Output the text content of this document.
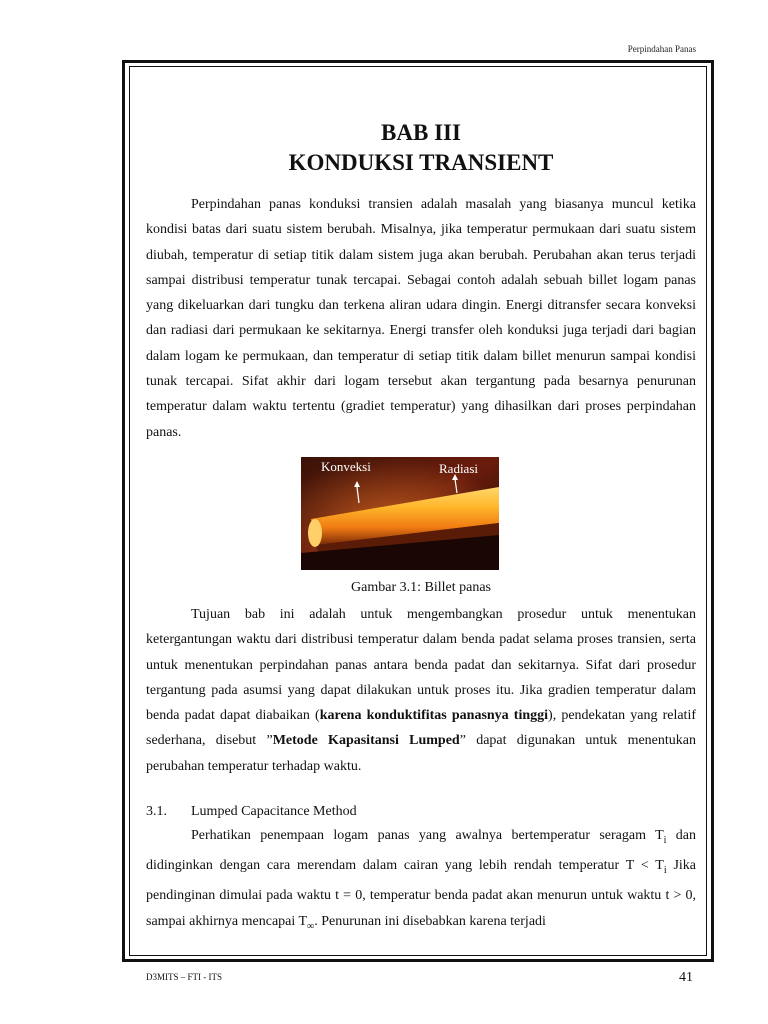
Perpindahan Panas
BAB III
KONDUKSI TRANSIENT

Perpindahan panas konduksi transien adalah masalah yang biasanya muncul ketika kondisi batas dari suatu sistem berubah. Misalnya, jika temperatur permukaan dari suatu sistem diubah, temperatur di setiap titik dalam sistem juga akan berubah. Perubahan akan terus terjadi sampai distribusi temperatur tunak tercapai. Sebagai contoh adalah sebuah billet logam panas yang dikeluarkan dari tungku dan terkena aliran udara dingin. Energi ditransfer secara konveksi dan radiasi dari permukaan ke sekitarnya. Energi transfer oleh konduksi juga terjadi dari bagian dalam logam ke permukaan, dan temperatur di setiap titik dalam billet menurun sampai kondisi tunak tercapai. Sifat akhir dari logam tersebut akan tergantung pada besarnya penurunan temperatur dalam waktu tertentu (gradiet temperatur) yang dihasilkan dari proses perpindahan panas.

Konveksi	Radiasi
Gambar 3.1: Billet panas

Tujuan bab ini adalah untuk mengembangkan prosedur untuk menentukan ketergantungan waktu dari distribusi temperatur dalam benda padat selama proses transien, serta untuk menentukan perpindahan panas antara benda padat dan sekitarnya. Sifat dari prosedur tergantung pada asumsi yang dapat dilakukan untuk proses itu. Jika gradien temperatur dalam benda padat dapat diabaikan (karena konduktifitas panasnya tinggi), pendekatan yang relatif sederhana, disebut ”Metode Kapasitansi Lumped” dapat digunakan untuk menentukan perubahan temperatur terhadap waktu.

3.1.	Lumped Capacitance Method

Perhatikan penempaan logam panas yang awalnya bertemperatur seragam $T_i$ dan didinginkan dengan cara merendam dalam cairan yang lebih rendah temperatur $T < T_i$ Jika pendinginan dimulai pada waktu t = 0, temperatur benda padat akan menurun untuk waktu t > 0, sampai akhirnya mencapai $T_\infty$. Penurunan ini disebabkan karena terjadi

D3MITS – FTI - ITS	41
